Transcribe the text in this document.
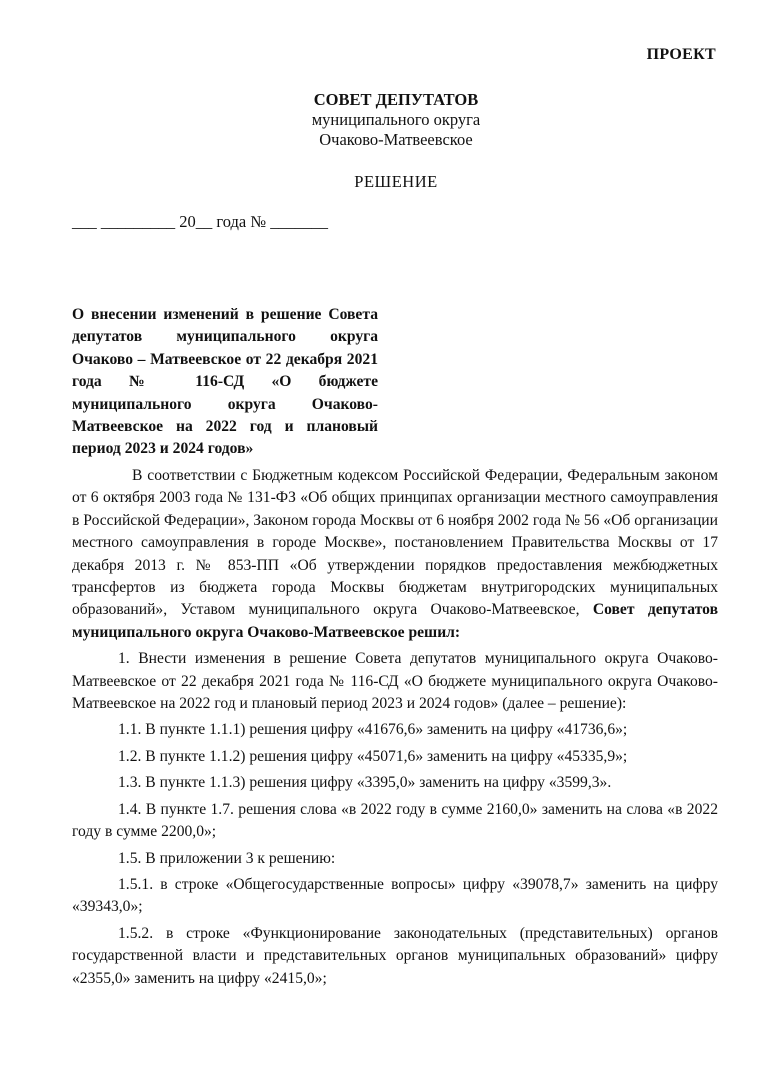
ПРОЕКТ
СОВЕТ ДЕПУТАТОВ
муниципального округа
Очаково-Матвеевское
РЕШЕНИЕ
___ _________ 20__ года № _______
О внесении изменений в решение Совета депутатов муниципального округа Очаково – Матвеевское от 22 декабря 2021 года № 116-СД «О бюджете муниципального округа Очаково-Матвеевское на 2022 год и плановый период 2023 и 2024 годов»

В соответствии с Бюджетным кодексом Российской Федерации, Федеральным законом от 6 октября 2003 года № 131-ФЗ «Об общих принципах организации местного самоуправления в Российской Федерации», Законом города Москвы от 6 ноября 2002 года № 56 «Об организации местного самоуправления в городе Москве», постановлением Правительства Москвы от 17 декабря 2013 г. № 853-ПП «Об утверждении порядков предоставления межбюджетных трансфертов из бюджета города Москвы бюджетам внутригородских муниципальных образований», Уставом муниципального округа Очаково-Матвеевское, Совет депутатов муниципального округа Очаково-Матвеевское решил:

1. Внести изменения в решение Совета депутатов муниципального округа Очаково-Матвеевское от 22 декабря 2021 года № 116-СД «О бюджете муниципального округа Очаково-Матвеевское на 2022 год и плановый период 2023 и 2024 годов» (далее – решение):

1.1. В пункте 1.1.1) решения цифру «41676,6» заменить на цифру «41736,6»;

1.2. В пункте 1.1.2) решения цифру «45071,6» заменить на цифру «45335,9»;

1.3. В пункте 1.1.3) решения цифру «3395,0» заменить на цифру «3599,3».

1.4. В пункте 1.7. решения слова «в 2022 году в сумме 2160,0» заменить на слова «в 2022 году в сумме 2200,0»;

1.5. В приложении 3 к решению:

1.5.1. в строке «Общегосударственные вопросы» цифру «39078,7» заменить на цифру «39343,0»;

1.5.2. в строке «Функционирование законодательных (представительных) органов государственной власти и представительных органов муниципальных образований» цифру «2355,0» заменить на цифру «2415,0»;
